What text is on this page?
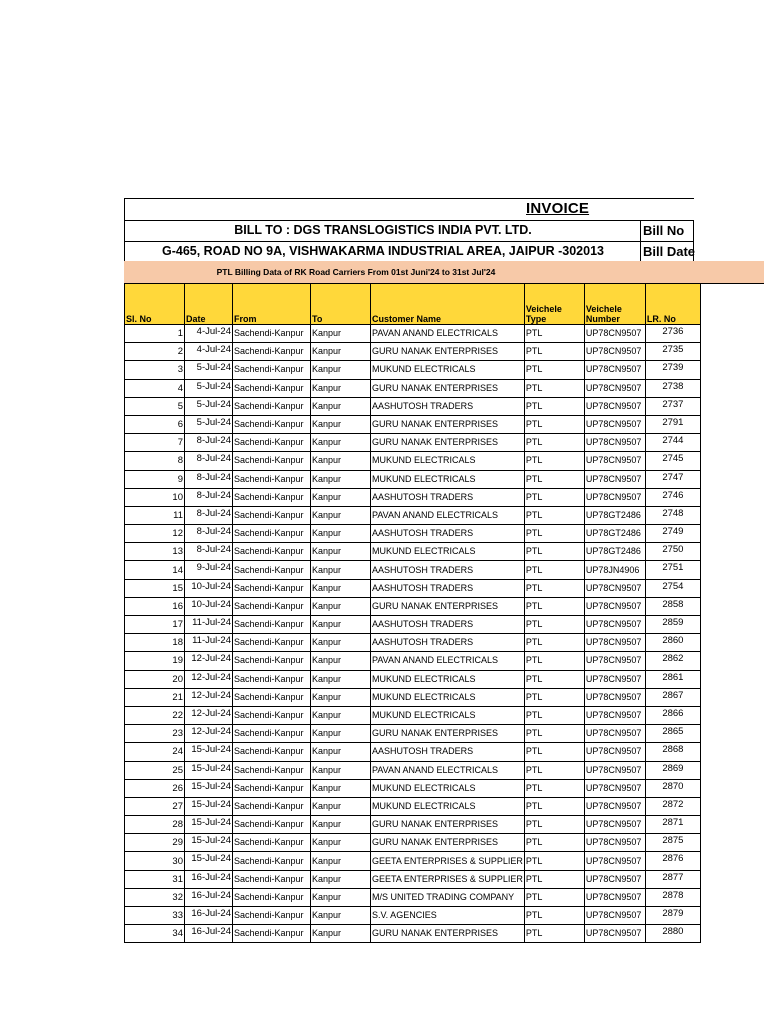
INVOICE
BILL TO : DGS TRANSLOGISTICS INDIA PVT. LTD.	Bill No
G-465, ROAD NO 9A, VISHWAKARMA INDUSTRIAL AREA, JAIPUR -302013	Bill Date
PTL Billing Data of RK Road Carriers From 01st Juni'24 to 31st Jul'24
Sl. No	Date	From	To	Customer Name	Veichele Type	Veichele Number	LR. No
1	4-Jul-24	Sachendi-Kanpur	Kanpur	PAVAN ANAND ELECTRICALS	PTL	UP78CN9507	2736
2	4-Jul-24	Sachendi-Kanpur	Kanpur	GURU NANAK ENTERPRISES	PTL	UP78CN9507	2735
3	5-Jul-24	Sachendi-Kanpur	Kanpur	MUKUND ELECTRICALS	PTL	UP78CN9507	2739
4	5-Jul-24	Sachendi-Kanpur	Kanpur	GURU NANAK ENTERPRISES	PTL	UP78CN9507	2738
5	5-Jul-24	Sachendi-Kanpur	Kanpur	AASHUTOSH TRADERS	PTL	UP78CN9507	2737
6	5-Jul-24	Sachendi-Kanpur	Kanpur	GURU NANAK ENTERPRISES	PTL	UP78CN9507	2791
7	8-Jul-24	Sachendi-Kanpur	Kanpur	GURU NANAK ENTERPRISES	PTL	UP78CN9507	2744
8	8-Jul-24	Sachendi-Kanpur	Kanpur	MUKUND ELECTRICALS	PTL	UP78CN9507	2745
9	8-Jul-24	Sachendi-Kanpur	Kanpur	MUKUND ELECTRICALS	PTL	UP78CN9507	2747
10	8-Jul-24	Sachendi-Kanpur	Kanpur	AASHUTOSH TRADERS	PTL	UP78CN9507	2746
11	8-Jul-24	Sachendi-Kanpur	Kanpur	PAVAN ANAND ELECTRICALS	PTL	UP78GT2486	2748
12	8-Jul-24	Sachendi-Kanpur	Kanpur	AASHUTOSH TRADERS	PTL	UP78GT2486	2749
13	8-Jul-24	Sachendi-Kanpur	Kanpur	MUKUND ELECTRICALS	PTL	UP78GT2486	2750
14	9-Jul-24	Sachendi-Kanpur	Kanpur	AASHUTOSH TRADERS	PTL	UP78JN4906	2751
15	10-Jul-24	Sachendi-Kanpur	Kanpur	AASHUTOSH TRADERS	PTL	UP78CN9507	2754
16	10-Jul-24	Sachendi-Kanpur	Kanpur	GURU NANAK ENTERPRISES	PTL	UP78CN9507	2858
17	11-Jul-24	Sachendi-Kanpur	Kanpur	AASHUTOSH TRADERS	PTL	UP78CN9507	2859
18	11-Jul-24	Sachendi-Kanpur	Kanpur	AASHUTOSH TRADERS	PTL	UP78CN9507	2860
19	12-Jul-24	Sachendi-Kanpur	Kanpur	PAVAN ANAND ELECTRICALS	PTL	UP78CN9507	2862
20	12-Jul-24	Sachendi-Kanpur	Kanpur	MUKUND ELECTRICALS	PTL	UP78CN9507	2861
21	12-Jul-24	Sachendi-Kanpur	Kanpur	MUKUND ELECTRICALS	PTL	UP78CN9507	2867
22	12-Jul-24	Sachendi-Kanpur	Kanpur	MUKUND ELECTRICALS	PTL	UP78CN9507	2866
23	12-Jul-24	Sachendi-Kanpur	Kanpur	GURU NANAK ENTERPRISES	PTL	UP78CN9507	2865
24	15-Jul-24	Sachendi-Kanpur	Kanpur	AASHUTOSH TRADERS	PTL	UP78CN9507	2868
25	15-Jul-24	Sachendi-Kanpur	Kanpur	PAVAN ANAND ELECTRICALS	PTL	UP78CN9507	2869
26	15-Jul-24	Sachendi-Kanpur	Kanpur	MUKUND ELECTRICALS	PTL	UP78CN9507	2870
27	15-Jul-24	Sachendi-Kanpur	Kanpur	MUKUND ELECTRICALS	PTL	UP78CN9507	2872
28	15-Jul-24	Sachendi-Kanpur	Kanpur	GURU NANAK ENTERPRISES	PTL	UP78CN9507	2871
29	15-Jul-24	Sachendi-Kanpur	Kanpur	GURU NANAK ENTERPRISES	PTL	UP78CN9507	2875
30	15-Jul-24	Sachendi-Kanpur	Kanpur	GEETA ENTERPRISES & SUPPLIER	PTL	UP78CN9507	2876
31	16-Jul-24	Sachendi-Kanpur	Kanpur	GEETA ENTERPRISES & SUPPLIER	PTL	UP78CN9507	2877
32	16-Jul-24	Sachendi-Kanpur	Kanpur	M/S UNITED TRADING COMPANY	PTL	UP78CN9507	2878
33	16-Jul-24	Sachendi-Kanpur	Kanpur	S.V. AGENCIES	PTL	UP78CN9507	2879
34	16-Jul-24	Sachendi-Kanpur	Kanpur	GURU NANAK ENTERPRISES	PTL	UP78CN9507	2880
